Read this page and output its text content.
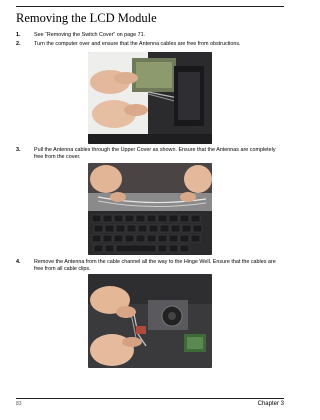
Removing the LCD Module
1.	See “Removing the Switch Cover” on page 71.
2.	Turn the computer over and ensure that the Antenna cables are free from obstructions.
3.	Pull the Antenna cables through the Upper Cover as shown. Ensure that the Antennas are completely free from the cover.
4.	Remove the Antenna from the cable channel all the way to the Hinge Well. Ensure that the cables are free from all cable clips.
83	Chapter 3
